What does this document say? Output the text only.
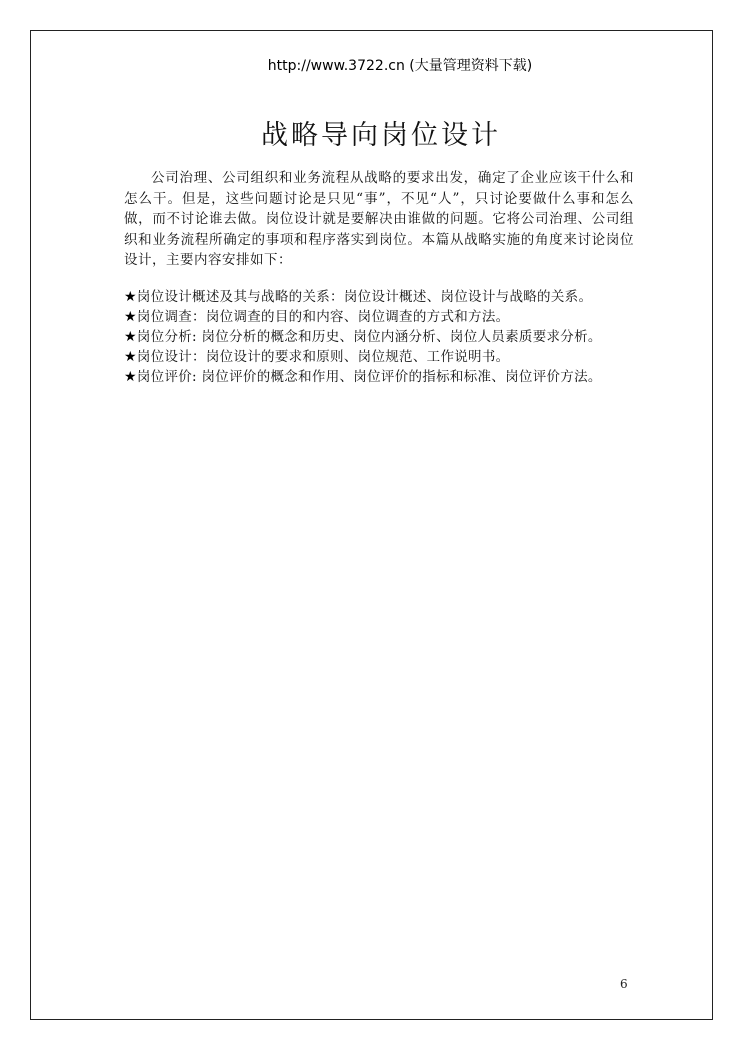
http://www.3722.cn (大量管理资料下载)
战略导向岗位设计

公司治理、公司组织和业务流程从战略的要求出发，确定了企业应该干什么和怎么干。但是，这些问题讨论是只见“事”，不见“人”，只讨论要做什么事和怎么做，而不讨论谁去做。岗位设计就是要解决由谁做的问题。它将公司治理、公司组织和业务流程所确定的事项和程序落实到岗位。本篇从战略实施的角度来讨论岗位设计，主要内容安排如下：

★岗位设计概述及其与战略的关系：岗位设计概述、岗位设计与战略的关系。
★岗位调查：岗位调查的目的和内容、岗位调查的方式和方法。
★岗位分析: 岗位分析的概念和历史、岗位内涵分析、岗位人员素质要求分析。
★岗位设计：岗位设计的要求和原则、岗位规范、工作说明书。
★岗位评价: 岗位评价的概念和作用、岗位评价的指标和标准、岗位评价方法。
6
